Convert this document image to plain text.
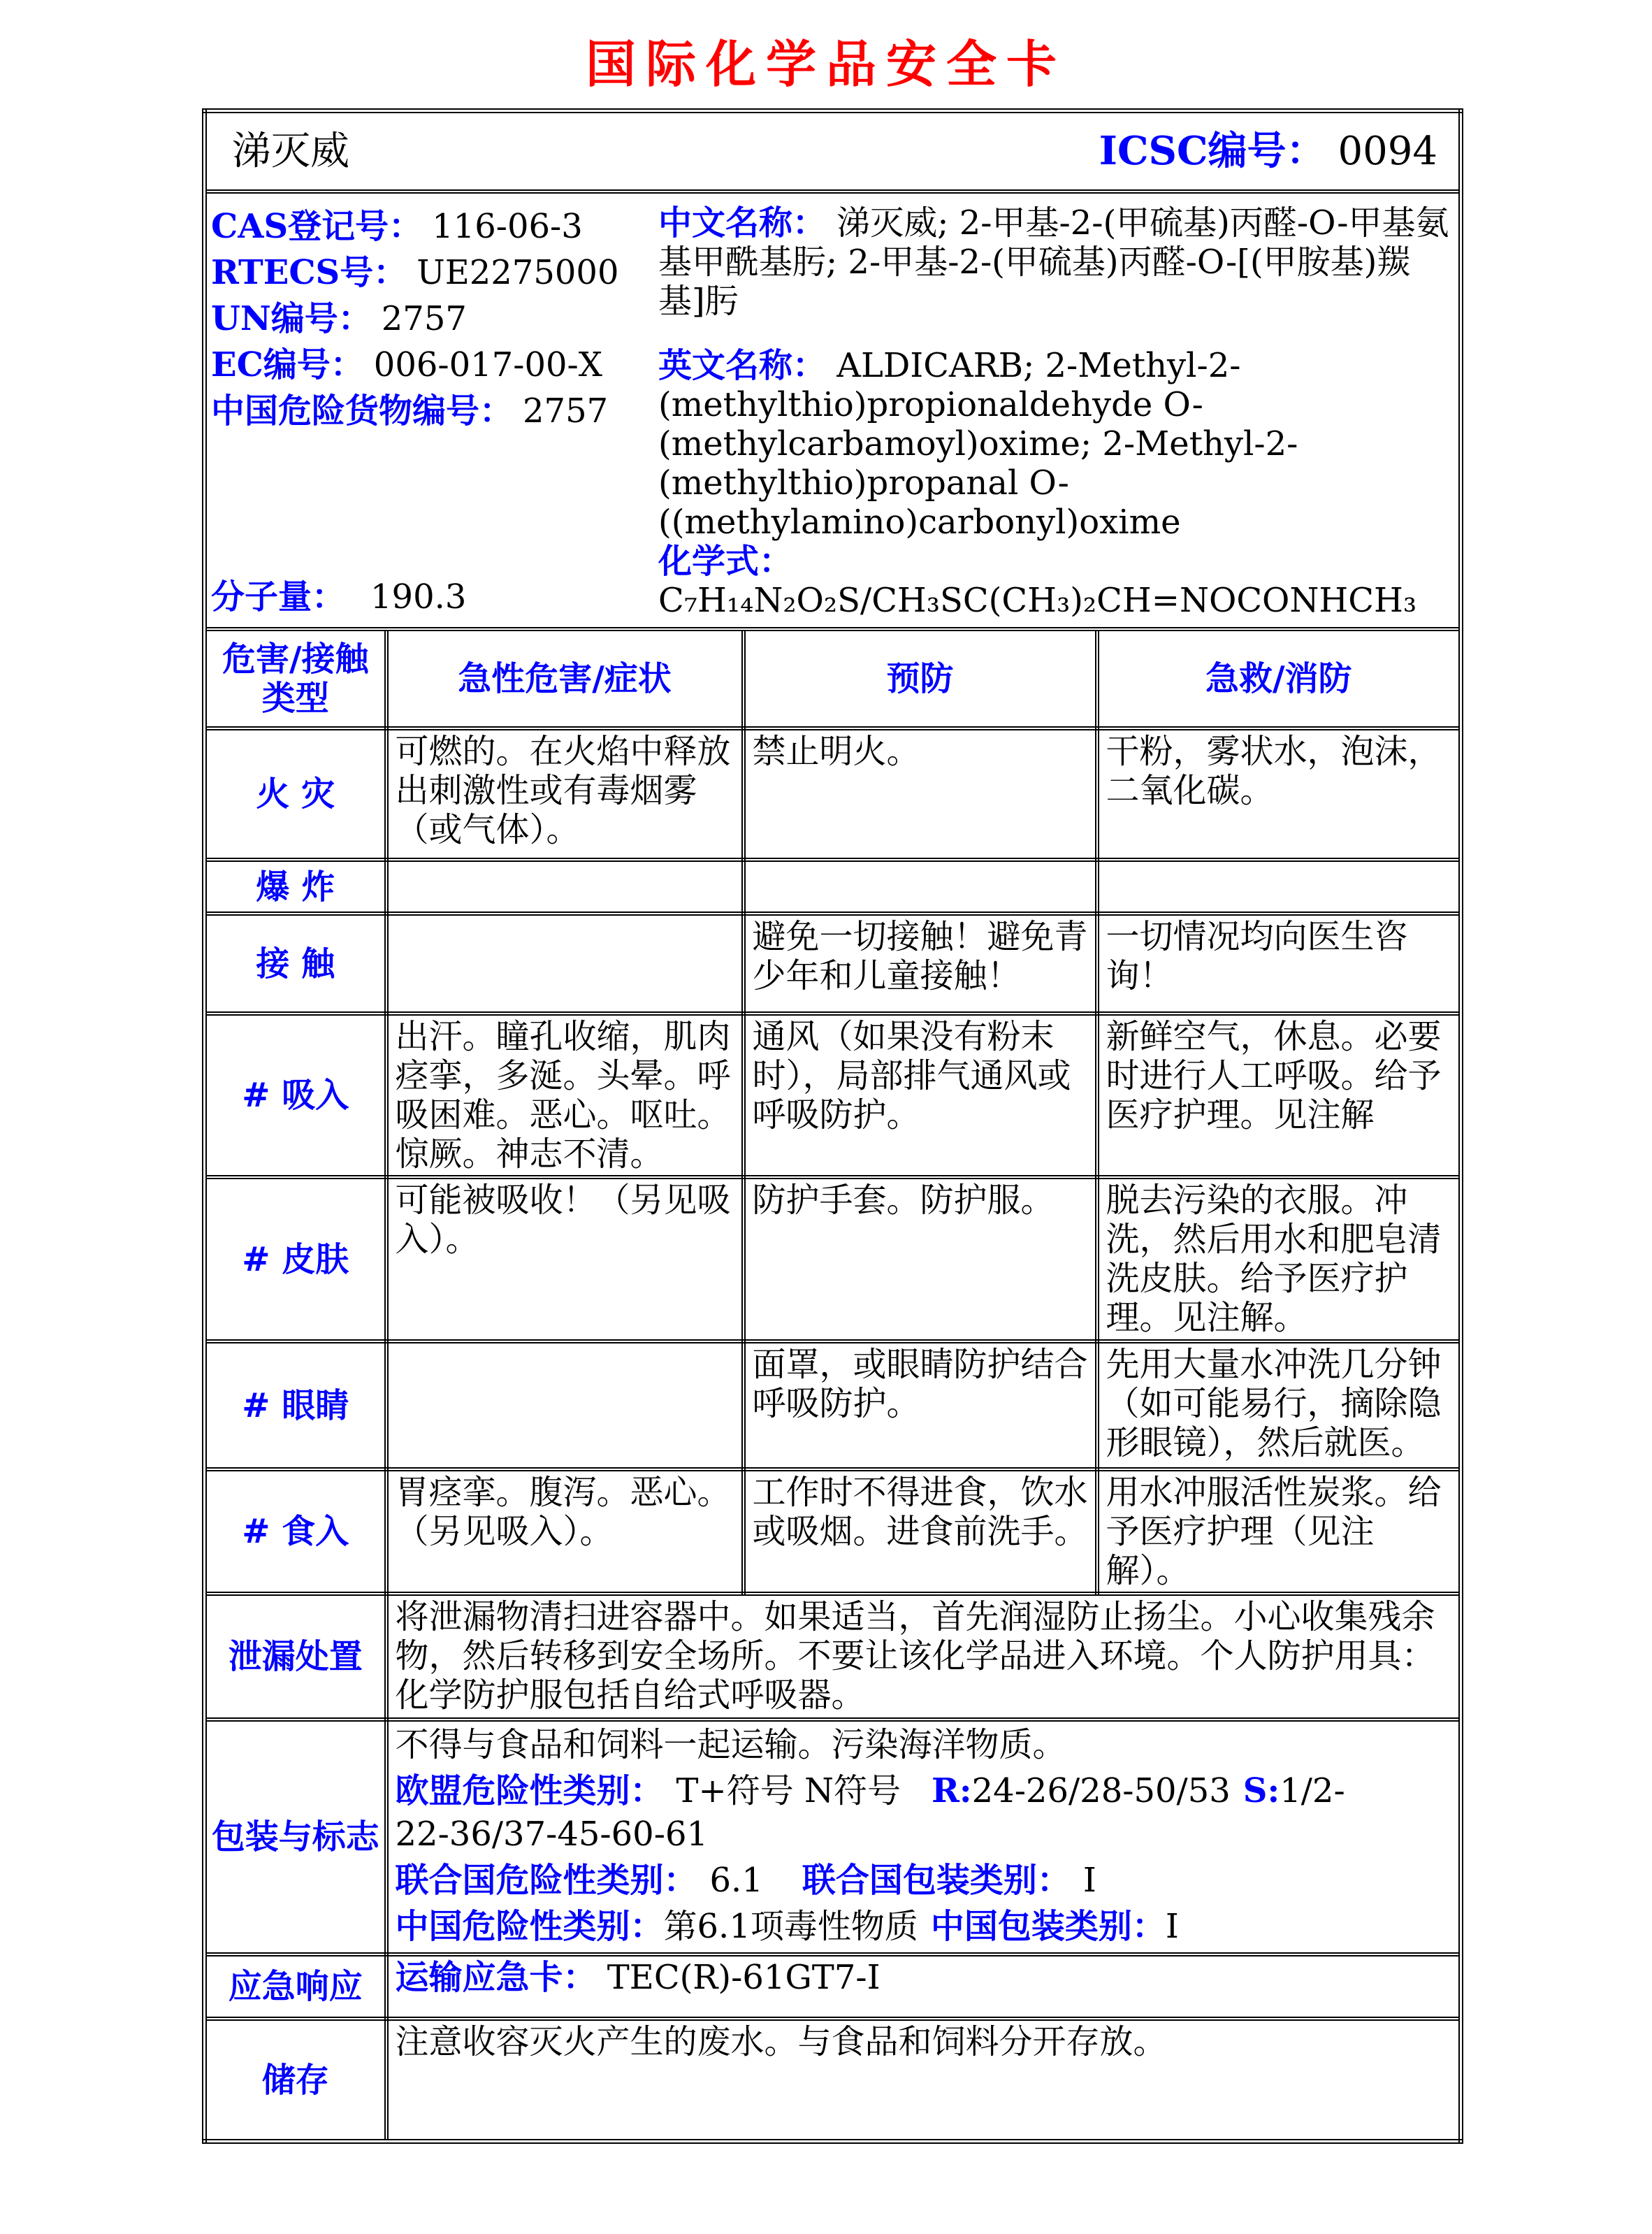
国际化学品安全卡
涕灭威 ICSC编号： 0094			

CAS登记号： 116-06-3
RTECS号： UE2275000
UN编号： 2757
EC编号： 006-017-00-X
中国危险货物编号： 2757
分子量： 190.3
中文名称： 涕灭威; 2-甲基-2-(甲硫基)丙醛-O-甲基氨基甲酰基肟; 2-甲基-2-(甲硫基)丙醛-O-[(甲胺基)羰基]肟
英文名称： ALDICARB; 2-Methyl-2-(methylthio)propionaldehyde O-(methylcarbamoyl)oxime; 2-Methyl-2-(methylthio)propanal O-((methylamino)carbonyl)oxime
化学式： C₇H₁₄N₂O₂S/CH₃SC(CH₃)₂CH=NOCONHCH₃

危害/接触
类型	急性危害/症状	预防	急救/消防
火 灾	可燃的。在火焰中释放出刺激性或有毒烟雾（或气体）。	禁止明火。	干粉，雾状水，泡沫，二氧化碳。
爆 炸			
接 触		避免一切接触！避免青少年和儿童接触！	一切情况均向医生咨询！
# 吸入	出汗。瞳孔收缩，肌肉痉挛，多涎。头晕。呼吸困难。恶心。呕吐。惊厥。神志不清。	通风（如果没有粉末时），局部排气通风或呼吸防护。	新鲜空气，休息。必要时进行人工呼吸。给予医疗护理。见注解
# 皮肤	可能被吸收！（另见吸入）。	防护手套。防护服。	脱去污染的衣服。冲洗，然后用水和肥皂清洗皮肤。给予医疗护理。见注解。
# 眼睛		面罩，或眼睛防护结合呼吸防护。	先用大量水冲洗几分钟（如可能易行，摘除隐形眼镜），然后就医。
# 食入	胃痉挛。腹泻。恶心。（另见吸入）。	工作时不得进食，饮水或吸烟。进食前洗手。	用水冲服活性炭浆。给予医疗护理（见注解）。
泄漏处置	将泄漏物清扫进容器中。如果适当，首先润湿防止扬尘。小心收集残余物，然后转移到安全场所。不要让该化学品进入环境。个人防护用具：化学防护服包括自给式呼吸器。		
包装与标志	不得与食品和饲料一起运输。污染海洋物质。
欧盟危险性类别： T+符号 N符号 R:24-26/28-50/53 S:1/2-22-36/37-45-60-61
联合国危险性类别： 6.1 联合国包装类别： I
中国危险性类别：第6.1项毒性物质 中国包装类别：I		

应急响应	运输应急卡： TEC(R)-61GT7-I		
储存	注意收容灭火产生的废水。与食品和饲料分开存放。		
